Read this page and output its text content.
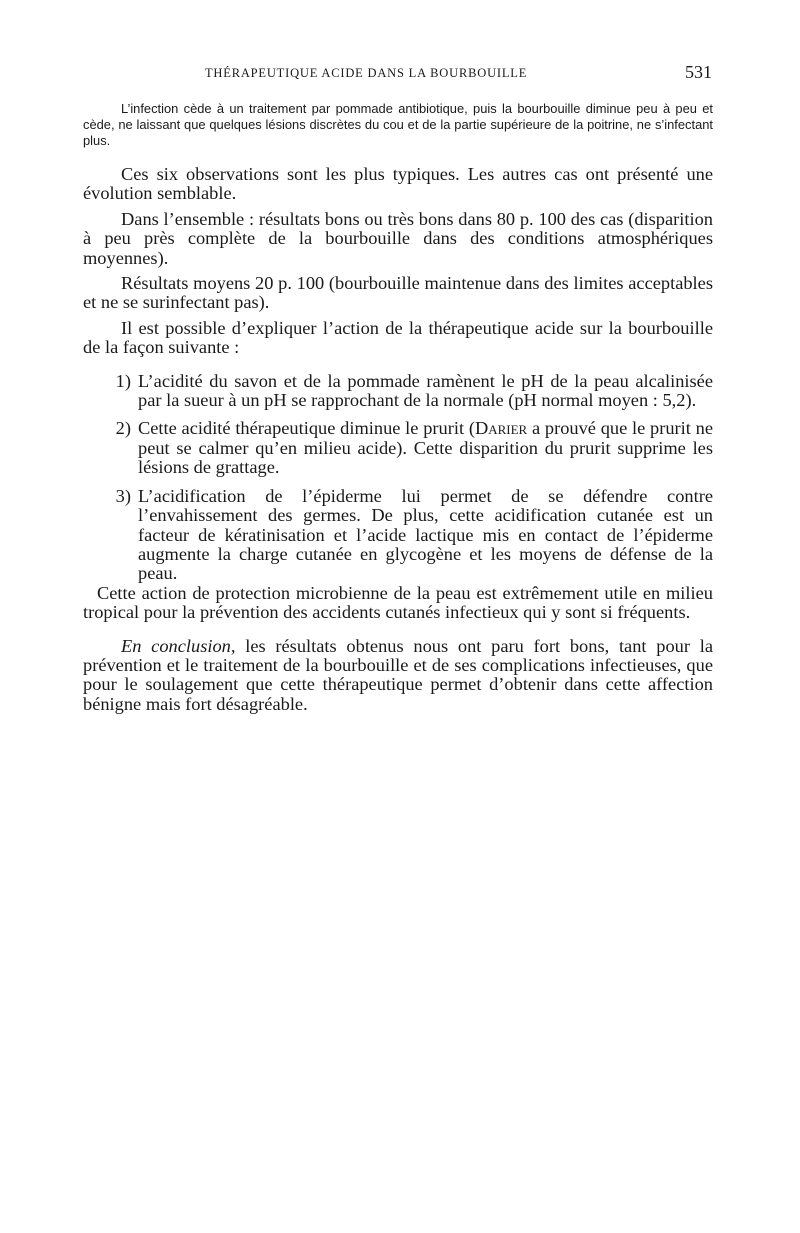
THÉRAPEUTIQUE ACIDE DANS LA BOURBOUILLE	531

L’infection cède à un traitement par pommade antibiotique, puis la bourbouille diminue peu à peu et cède, ne laissant que quelques lésions discrètes du cou et de la partie supérieure de la poitrine, ne s’infectant plus.

Ces six observations sont les plus typiques. Les autres cas ont présenté une évolution semblable.

Dans l’ensemble : résultats bons ou très bons dans 80 p. 100 des cas (disparition à peu près complète de la bourbouille dans des conditions atmosphériques moyennes).

Résultats moyens 20 p. 100 (bourbouille maintenue dans des limites acceptables et ne se surinfectant pas).

Il est possible d’expliquer l’action de la thérapeutique acide sur la bourbouille de la façon suivante :

1) L’acidité du savon et de la pommade ramènent le pH de la peau alcalinisée par la sueur à un pH se rapprochant de la normale (pH normal moyen : 5,2).
2) Cette acidité thérapeutique diminue le prurit (Darier a prouvé que le prurit ne peut se calmer qu’en milieu acide). Cette disparition du prurit supprime les lésions de grattage.
3) L’acidification de l’épiderme lui permet de se défendre contre l’envahissement des germes. De plus, cette acidification cutanée est un facteur de kératinisation et l’acide lactique mis en contact de l’épiderme augmente la charge cutanée en glycogène et les moyens de défense de la peau.

Cette action de protection microbienne de la peau est extrêmement utile en milieu tropical pour la prévention des accidents cutanés infectieux qui y sont si fréquents.

En conclusion, les résultats obtenus nous ont paru fort bons, tant pour la prévention et le traitement de la bourbouille et de ses complications infectieuses, que pour le soulagement que cette thérapeutique permet d’obtenir dans cette affection bénigne mais fort désagréable.
